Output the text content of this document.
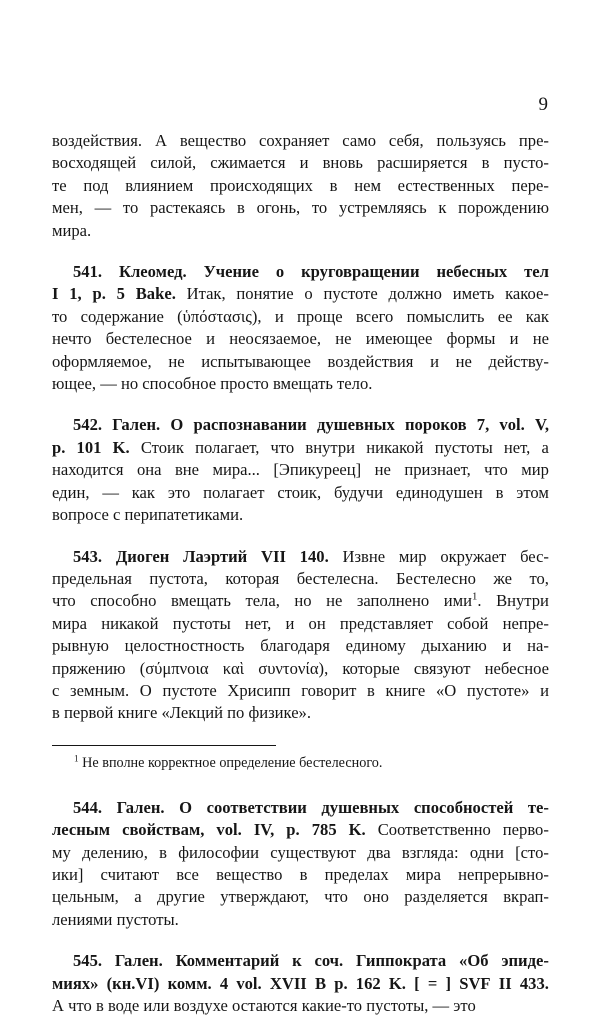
9
воздействия. А вещество сохраняет само себя, пользуясь пре-
восходящей силой, сжимается и вновь расширяется в пусто-
те под влиянием происходящих в нем естественных пере-
мен, — то растекаясь в огонь, то устремляясь к порождению
мира.
541. Клеомед. Учение о круговращении небесных тел
I 1, p. 5 Bake. Итак, понятие о пустоте должно иметь какое-
то содержание (ὑπόστασις), и проще всего помыслить ее как
нечто бестелесное и неосязаемое, не имеющее формы и не
оформляемое, не испытывающее воздействия и не действу-
ющее, — но способное просто вмещать тело.
542. Гален. О распознавании душевных пороков 7, vol. V,
p. 101 K. Стоик полагает, что внутри никакой пустоты нет, а
находится она вне мира... [Эпикуреец] не признает, что мир
един, — как это полагает стоик, будучи единодушен в этом
вопросе с перипатетиками.
543. Диоген Лаэртий VII 140. Извне мир окружает бес-
предельная пустота, которая бестелесна. Бестелесно же то,
что способно вмещать тела, но не заполнено ими$^1$. Внутри
мира никакой пустоты нет, и он представляет собой непре-
рывную целостностность благодаря единому дыханию и на-
пряжению (σύμπνοια καὶ συντονία), которые связуют небесное
с земным. О пустоте Хрисипп говорит в книге «О пустоте» и
в первой книге «Лекций по физике».
$^1$ Не вполне корректное определение бестелесного.
544. Гален. О соответствии душевных способностей те-
лесным свойствам, vol. IV, p. 785 K. Соответственно перво-
му делению, в философии существуют два взгляда: одни [сто-
ики] считают все вещество в пределах мира непрерывно-
цельным, а другие утверждают, что оно разделяется вкрап-
лениями пустоты.
545. Гален. Комментарий к соч. Гиппократа «Об эпиде-
миях» (кн.VI) комм. 4 vol. XVII B p. 162 K. [ = ] SVF II 433.
А что в воде или воздухе остаются какие-то пустоты, — это
